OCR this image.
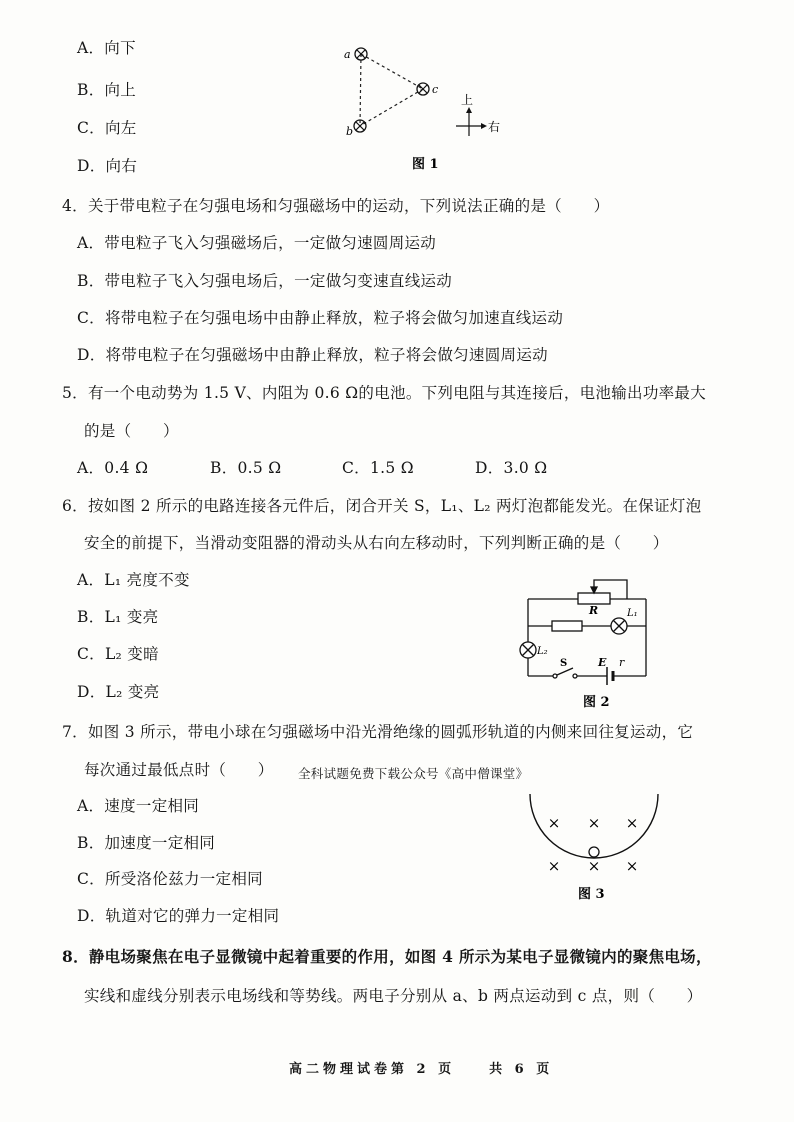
A．向下
B．向上
C．向左
D．向右
a
b
c
上
右
图 1
4．关于带电粒子在匀强电场和匀强磁场中的运动，下列说法正确的是（　　）
A．带电粒子飞入匀强磁场后，一定做匀速圆周运动
B．带电粒子飞入匀强电场后，一定做匀变速直线运动
C．将带电粒子在匀强电场中由静止释放，粒子将会做匀加速直线运动
D．将带电粒子在匀强磁场中由静止释放，粒子将会做匀速圆周运动
5．有一个电动势为 1.5 V、内阻为 0.6 Ω的电池。下列电阻与其连接后，电池输出功率最大
的是（　　）
A．0.4 Ω	B．0.5 Ω	C．1.5 Ω	D．3.0 Ω
6．按如图 2 所示的电路连接各元件后，闭合开关 S，L₁、L₂ 两灯泡都能发光。在保证灯泡
安全的前提下，当滑动变阻器的滑动头从右向左移动时，下列判断正确的是（　　）
A．L₁ 亮度不变
B．L₁ 变亮
C．L₂ 变暗
D．L₂ 变亮
R	L₁
L₂
S	E r
图 2
7．如图 3 所示，带电小球在匀强磁场中沿光滑绝缘的圆弧形轨道的内侧来回往复运动，它
每次通过最低点时（　　） 全科试题免费下载公众号《高中僧课堂》
A．速度一定相同
B．加速度一定相同
C．所受洛伦兹力一定相同
D．轨道对它的弹力一定相同
× × ×
× × ×
图 3
8．静电场聚焦在电子显微镜中起着重要的作用，如图 4 所示为某电子显微镜内的聚焦电场，
实线和虚线分别表示电场线和等势线。两电子分别从 a、b 两点运动到 c 点，则（　　）
高二物理试卷第 2 页　　共 6 页
